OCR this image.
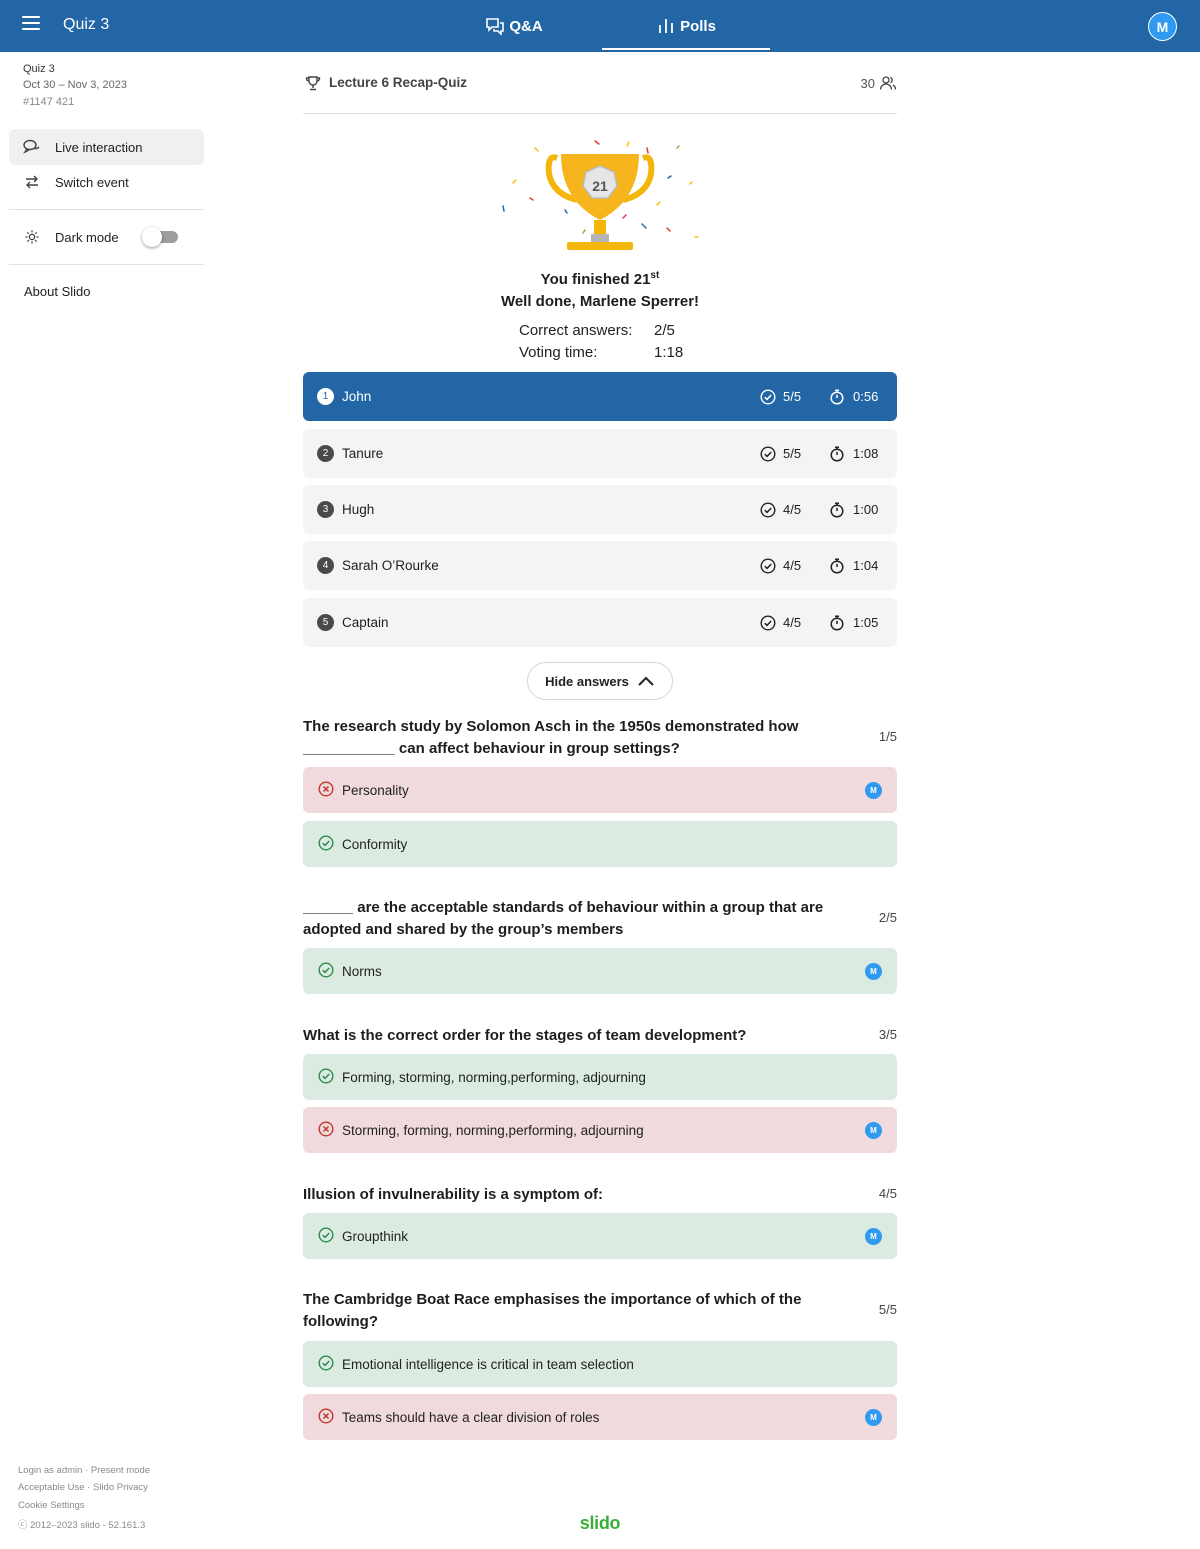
Quiz 3	Q&A	Polls	M
Quiz 3
Oct 30 – Nov 3, 2023
#1147 421
Live interaction
Switch event
Dark mode
About Slido
Login as admin · Present mode
Acceptable Use · Slido Privacy
Cookie Settings
ⓒ 2012–2023 slido - 52.161.3
Lecture 6 Recap-Quiz	30
21
You finished 21st
Well done, Marlene Sperrer!
Correct answers: 2/5
Voting time:	1:18
1	John	5/5	0:56
2	Tanure	5/5	1:08
3	Hugh	4/5	1:00
4	Sarah O’Rourke	4/5	1:04
5	Captain	4/5	1:05
Hide answers
The research study by Solomon Asch in the 1950s demonstrated how
___________ can affect behaviour in group settings?
1/5
Personality	M
Conformity
______ are the acceptable standards of behaviour within a group that are
adopted and shared by the group’s members
2/5
Norms	M
What is the correct order for the stages of team development?	3/5
Forming, storming, norming,performing, adjourning
Storming, forming, norming,performing, adjourning	M
Illusion of invulnerability is a symptom of:	4/5
Groupthink	M
The Cambridge Boat Race emphasises the importance of which of the
following?
5/5
Emotional intelligence is critical in team selection
Teams should have a clear division of roles	M
slido
